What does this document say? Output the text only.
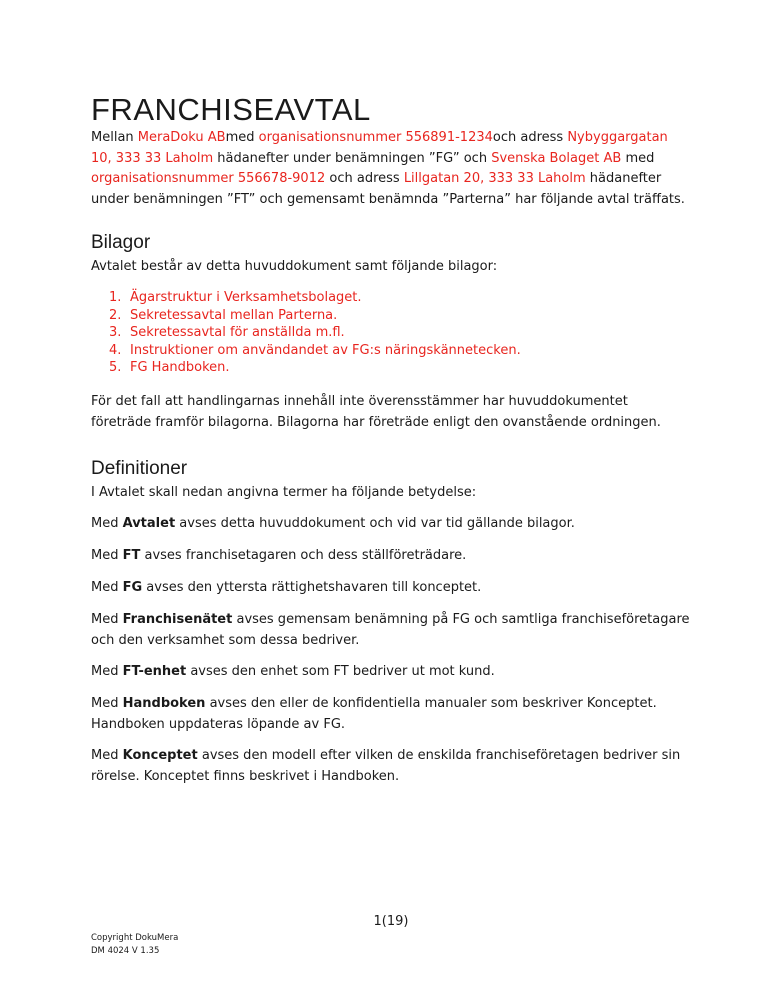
FRANCHISEAVTAL

Mellan MeraDoku ABmed organisationsnummer 556891-1234och adress Nybyggargatan 10, 333 33 Laholm hädanefter under benämningen ”FG” och Svenska Bolaget AB med organisationsnummer 556678‑9012 och adress Lillgatan 20, 333 33 Laholm hädanefter under benämningen ”FT” och gemensamt benämnda ”Parterna” har följande avtal träffats.

Bilagor

Avtalet består av detta huvuddokument samt följande bilagor:

1. Ägarstruktur i Verksamhetsbolaget.
2. Sekretessavtal mellan Parterna.
3. Sekretessavtal för anställda m.fl.
4. Instruktioner om användandet av FG:s näringskännetecken.
5. FG Handboken.

För det fall att handlingarnas innehåll inte överensstämmer har huvuddokumentet företräde framför bilagorna. Bilagorna har företräde enligt den ovanstående ordningen.

Definitioner

I Avtalet skall nedan angivna termer ha följande betydelse:

Med Avtalet avses detta huvuddokument och vid var tid gällande bilagor.

Med FT avses franchisetagaren och dess ställföreträdare.

Med FG avses den yttersta rättighetshavaren till konceptet.

Med Franchisenätet avses gemensam benämning på FG och samtliga franchiseföretagare och den verksamhet som dessa bedriver.

Med FT-enhet avses den enhet som FT bedriver ut mot kund.

Med Handboken avses den eller de konfidentiella manualer som beskriver Konceptet. Handboken uppdateras löpande av FG.

Med Konceptet avses den modell efter vilken de enskilda franchiseföretagen bedriver sin rörelse. Konceptet finns beskrivet i Handboken.

1(19)
Copyright DokuMera
DM 4024 V 1.35
